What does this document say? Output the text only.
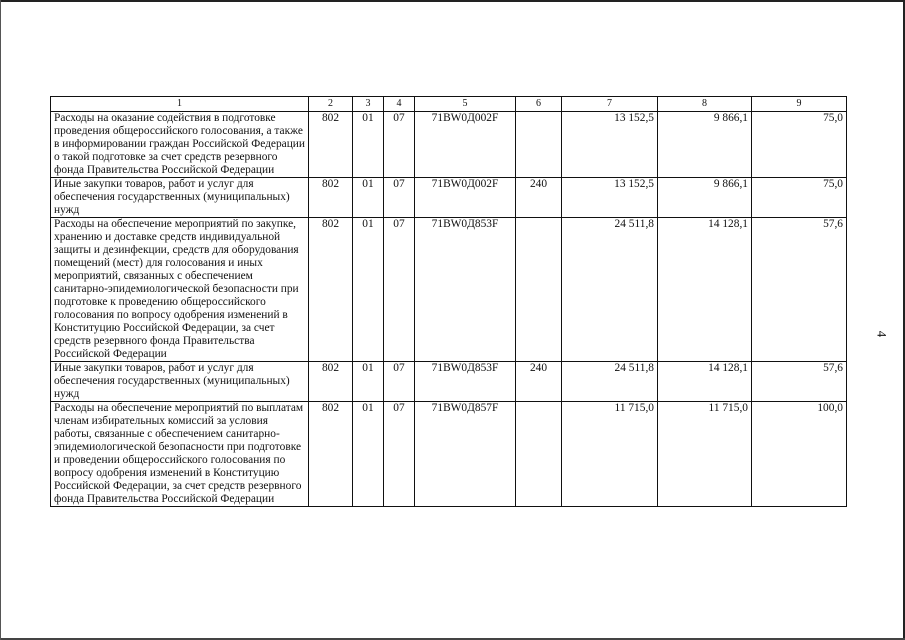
1	2	3	4	5	6	7	8	9
Расходы на оказание содействия в подготовке проведения общероссийского голосования, а также в информировании граждан Российской Федерации о такой подготовке за счет средств резервного фонда Правительства Российской Федерации	802	01	07	71ВW0Д002F		13 152,5	9 866,1	75,0
Иные закупки товаров, работ и услуг для обеспечения государственных (муниципальных) нужд	802	01	07	71ВW0Д002F	240	13 152,5	9 866,1	75,0
Расходы на обеспечение мероприятий по закупке, хранению и доставке средств индивидуальной защиты и дезинфекции, средств для оборудования помещений (мест) для голосования и иных мероприятий, связанных с обеспечением санитарно-эпидемиологической безопасности при подготовке к проведению общероссийского голосования по вопросу одобрения изменений в Конституцию Российской Федерации, за счет средств резервного фонда Правительства Российской Федерации	802	01	07	71ВW0Д853F		24 511,8	14 128,1	57,6
Иные закупки товаров, работ и услуг для обеспечения государственных (муниципальных) нужд	802	01	07	71ВW0Д853F	240	24 511,8	14 128,1	57,6
Расходы на обеспечение мероприятий по выплатам членам избирательных комиссий за условия работы, связанные с обеспечением санитарно-эпидемиологической безопасности при подготовке и проведении общероссийского голосования по вопросу одобрения изменений в Конституцию Российской Федерации, за счет средств резервного фонда Правительства Российской Федерации	802	01	07	71ВW0Д857F		11 715,0	11 715,0	100,0
4
